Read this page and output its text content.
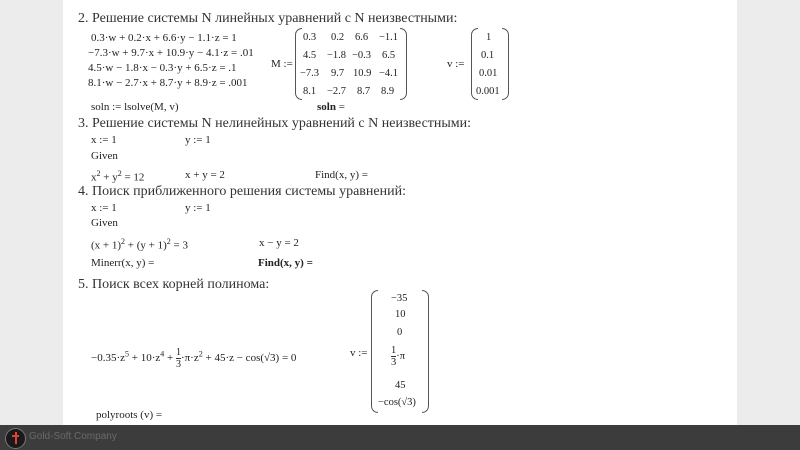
2. Решение системы N линейных уравнений с N неизвестными:
0.3·w + 0.2·x + 6.6·y − 1.1·z = 1
−7.3·w + 9.7·x + 10.9·y − 4.1·z = .01
4.5·w − 1.8·x − 0.3·y + 6.5·z = .1
8.1·w − 2.7·x + 8.7·y + 8.9·z = .001
M :=
0.3 0.2 6.6 −1.1
4.5 −1.8 −0.3 6.5
−7.3 9.7 10.9 −4.1
8.1 −2.7 8.7 8.9
v :=
1
0.1
0.01
0.001
soln := lsolve(M, v)	soln =
3. Решение системы N нелинейных уравнений с N неизвестными:
x := 1	y := 1
Given
$x^2 + y^2 = 12$	x + y = 2	Find(x, y) =
4. Поиск приближенного решения системы уравнений:
x := 1	y := 1
Given
$(x + 1)^2 + (y + 1)^2 = 3$	x − y = 2
Minerr(x, y) =	Find(x, y) =
5. Поиск всех корней полинома:
$-0.35\cdot z^5 + 10\cdot z^4 + \frac{1}{3} \cdot\pi\cdot z^2 + 45\cdot z - \cos(√3) = 0$	v :=
−35
10
0
$\frac{1}{3} \cdot\pi$
45
−cos(√3)
polyroots (v) =
Gold-Soft Company
